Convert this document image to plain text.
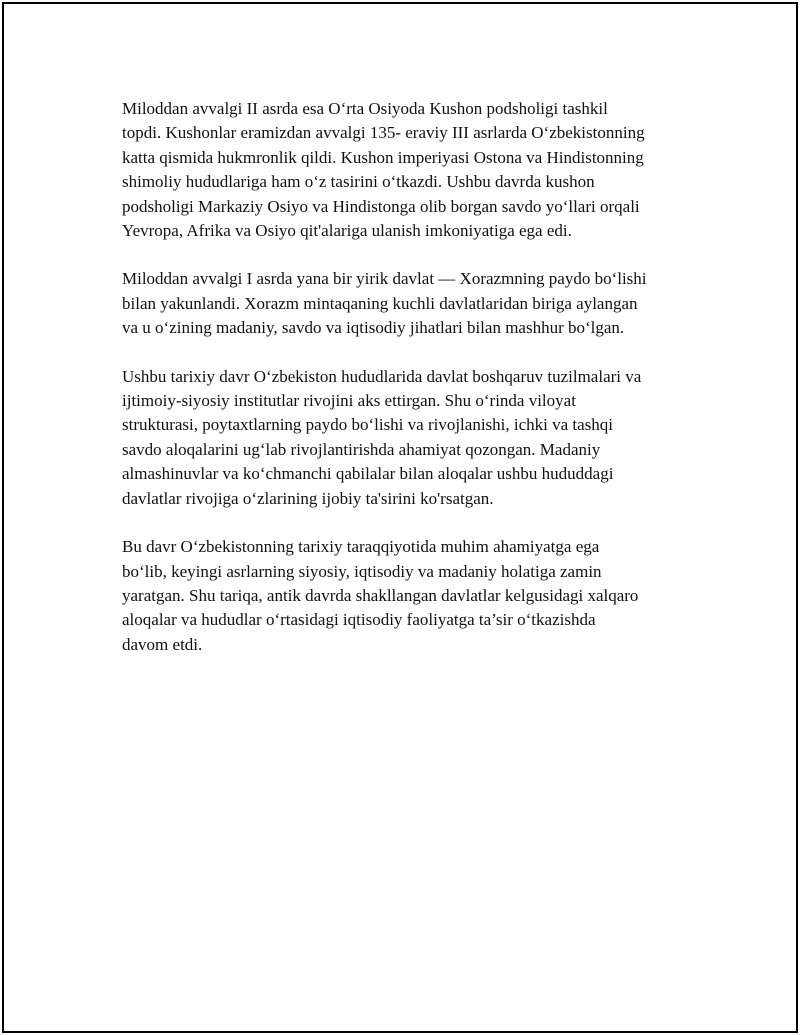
Miloddan avvalgi II asrda esa O‘rta Osiyoda Kushon podsholigi tashkil
topdi. Kushonlar eramizdan avvalgi 135- eraviy III asrlarda O‘zbekistonning
katta qismida hukmronlik qildi. Kushon imperiyasi Ostona va Hindistonning
shimoliy hududlariga ham o‘z tasirini o‘tkazdi. Ushbu davrda kushon
podsholigi Markaziy Osiyo va Hindistonga olib borgan savdo yo‘llari orqali
Yevropa, Afrika va Osiyo qit'alariga ulanish imkoniyatiga ega edi.

Miloddan avvalgi I asrda yana bir yirik davlat — Xorazmning paydo bo‘lishi
bilan yakunlandi. Xorazm mintaqaning kuchli davlatlaridan biriga aylangan
va u o‘zining madaniy, savdo va iqtisodiy jihatlari bilan mashhur bo‘lgan.

Ushbu tarixiy davr O‘zbekiston hududlarida davlat boshqaruv tuzilmalari va
ijtimoiy-siyosiy institutlar rivojini aks ettirgan. Shu o‘rinda viloyat
strukturasi, poytaxtlarning paydo bo‘lishi va rivojlanishi, ichki va tashqi
savdo aloqalarini ug‘lab rivojlantirishda ahamiyat qozongan. Madaniy
almashinuvlar va ko‘chmanchi qabilalar bilan aloqalar ushbu hududdagi
davlatlar rivojiga o‘zlarining ijobiy ta'sirini ko'rsatgan.

Bu davr O‘zbekistonning tarixiy taraqqiyotida muhim ahamiyatga ega
bo‘lib, keyingi asrlarning siyosiy, iqtisodiy va madaniy holatiga zamin
yaratgan. Shu tariqa, antik davrda shakllangan davlatlar kelgusidagi xalqaro
aloqalar va hududlar o‘rtasidagi iqtisodiy faoliyatga ta’sir o‘tkazishda
davom etdi.
